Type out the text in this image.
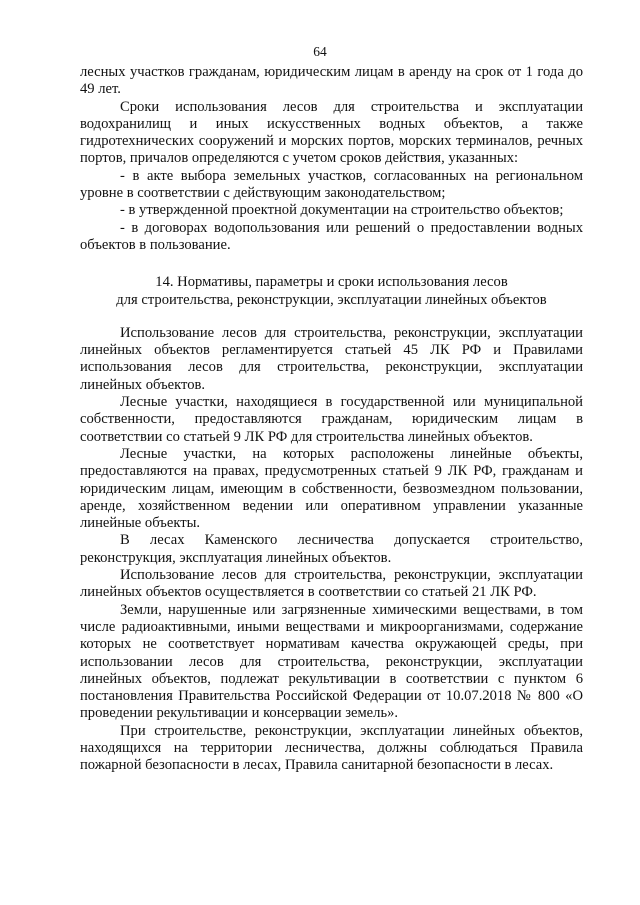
64

лесных участков гражданам, юридическим лицам в аренду на срок от 1 года до 49 лет.

Сроки использования лесов для строительства и эксплуатации водохранилищ и иных искусственных водных объектов, а также гидротехнических сооружений и морских портов, морских терминалов, речных портов, причалов определяются с учетом сроков действия, указанных:

- в акте выбора земельных участков, согласованных на региональном уровне в соответствии с действующим законодательством;

- в утвержденной проектной документации на строительство объектов;

- в договорах водопользования или решений о предоставлении водных объектов в пользование.

14. Нормативы, параметры и сроки использования лесов
для строительства, реконструкции, эксплуатации линейных объектов

Использование лесов для строительства, реконструкции, эксплуатации линейных объектов регламентируется статьей 45 ЛК РФ и Правилами использования лесов для строительства, реконструкции, эксплуатации линейных объектов.

Лесные участки, находящиеся в государственной или муниципальной собственности, предоставляются гражданам, юридическим лицам в соответствии со статьей 9 ЛК РФ для строительства линейных объектов.

Лесные участки, на которых расположены линейные объекты, предоставляются на правах, предусмотренных статьей 9 ЛК РФ, гражданам и юридическим лицам, имеющим в собственности, безвозмездном пользовании, аренде, хозяйственном ведении или оперативном управлении указанные линейные объекты.

В лесах Каменского лесничества допускается строительство, реконструкция, эксплуатация линейных объектов.

Использование лесов для строительства, реконструкции, эксплуатации линейных объектов осуществляется в соответствии со статьей 21 ЛК РФ.

Земли, нарушенные или загрязненные химическими веществами, в том числе радиоактивными, иными веществами и микроорганизмами, содержание которых не соответствует нормативам качества окружающей среды, при использовании лесов для строительства, реконструкции, эксплуатации линейных объектов, подлежат рекультивации в соответствии с пунктом 6 постановления Правительства Российской Федерации от 10.07.2018 № 800 «О проведении рекультивации и консервации земель».

При строительстве, реконструкции, эксплуатации линейных объектов, находящихся на территории лесничества, должны соблюдаться Правила пожарной безопасности в лесах, Правила санитарной безопасности в лесах.
